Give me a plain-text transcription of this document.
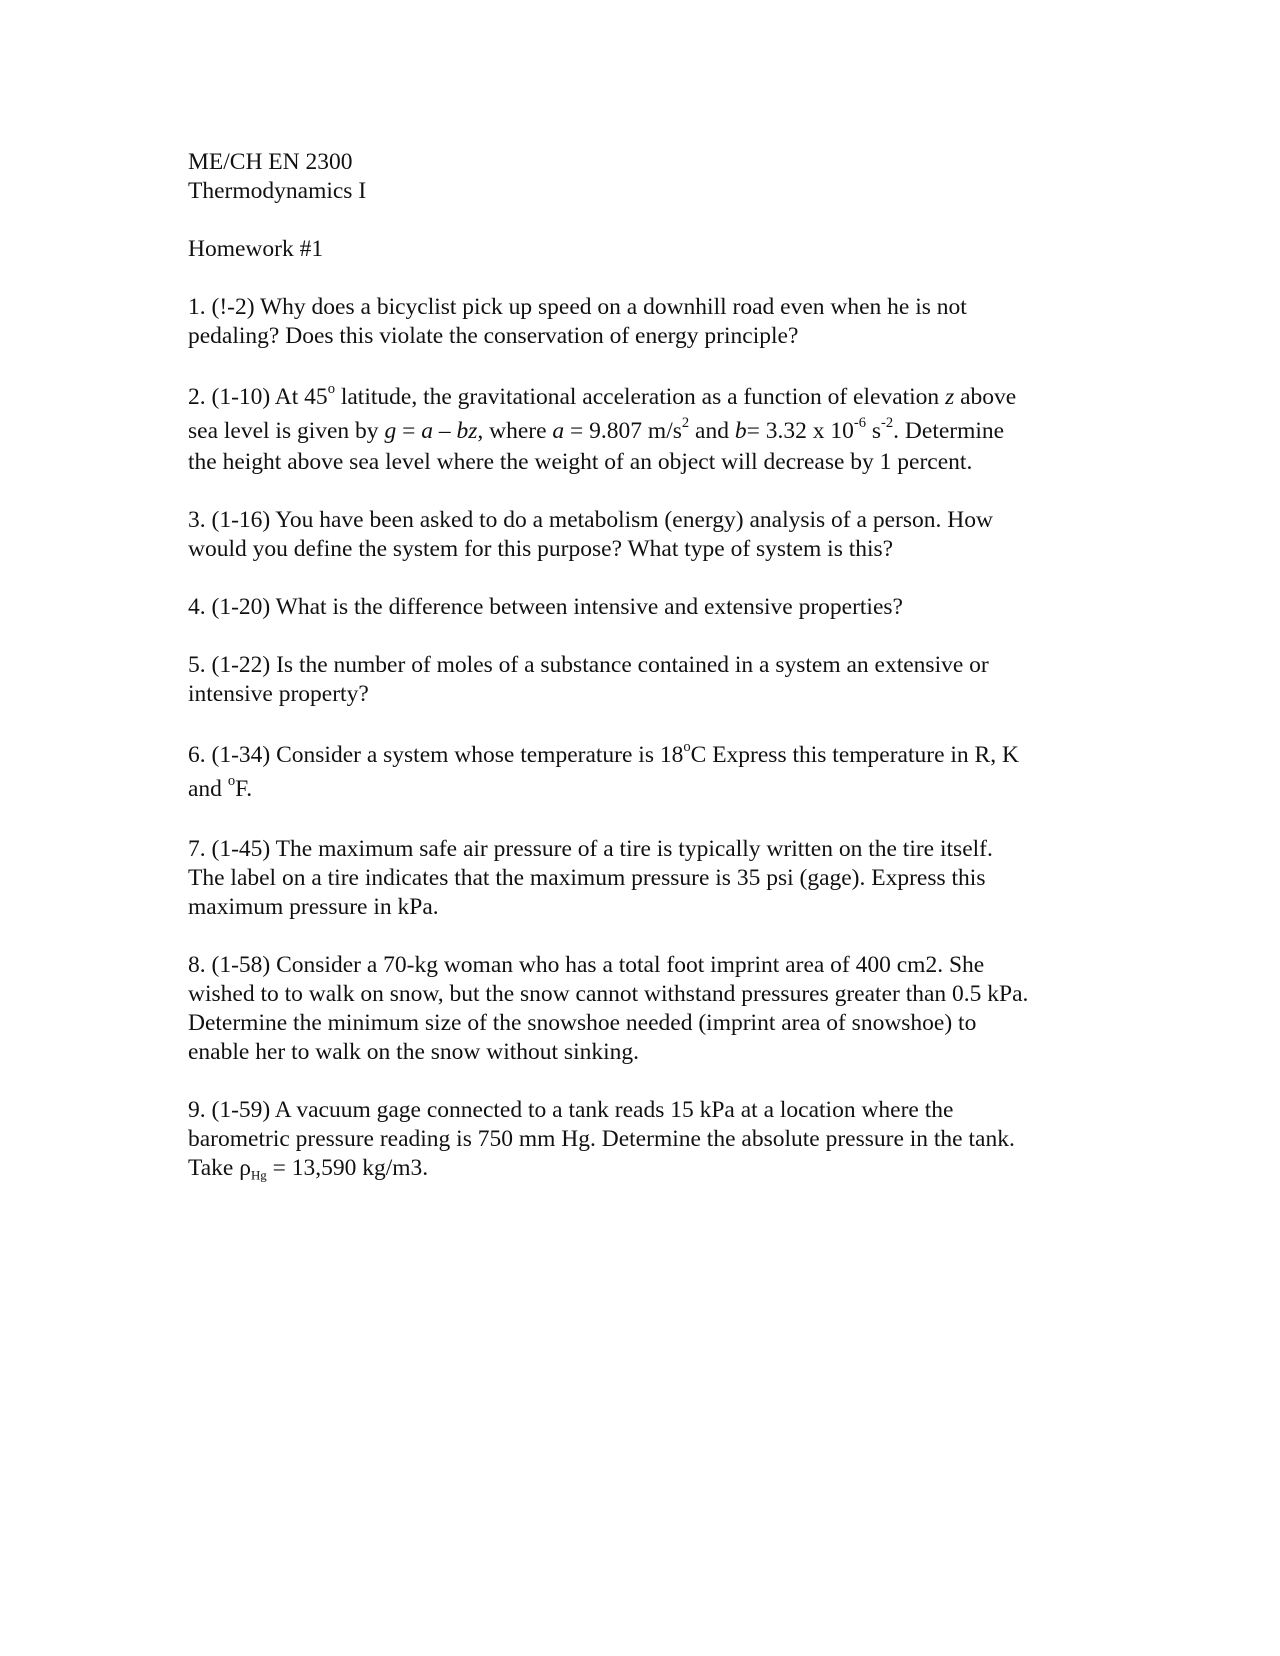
ME/CH EN 2300
Thermodynamics I
Homework #1
1. (!-2) Why does a bicyclist pick up speed on a downhill road even when he is not
pedaling? Does this violate the conservation of energy principle?
2. (1-10) At 45$^o$ latitude, the gravitational acceleration as a function of elevation z above
sea level is given by g = a – bz, where a = 9.807 $m/s^2$ and b= 3.32 x $10^{-6}$ $s^{-2}$. Determine
the height above sea level where the weight of an object will decrease by 1 percent.
3. (1-16) You have been asked to do a metabolism (energy) analysis of a person. How
would you define the system for this purpose? What type of system is this?
4. (1-20) What is the difference between intensive and extensive properties?
5. (1-22) Is the number of moles of a substance contained in a system an extensive or
intensive property?
6. (1-34) Consider a system whose temperature is 18$^o$C Express this temperature in R, K
and $^o$F.
7. (1-45) The maximum safe air pressure of a tire is typically written on the tire itself.
The label on a tire indicates that the maximum pressure is 35 psi (gage). Express this
maximum pressure in kPa.
8. (1-58) Consider a 70-kg woman who has a total foot imprint area of 400 cm2. She
wished to to walk on snow, but the snow cannot withstand pressures greater than 0.5 kPa.
Determine the minimum size of the snowshoe needed (imprint area of snowshoe) to
enable her to walk on the snow without sinking.
9. (1-59) A vacuum gage connected to a tank reads 15 kPa at a location where the
barometric pressure reading is 750 mm Hg. Determine the absolute pressure in the tank.
Take $\rho_{Hg} = 13,590$ kg/m3.
